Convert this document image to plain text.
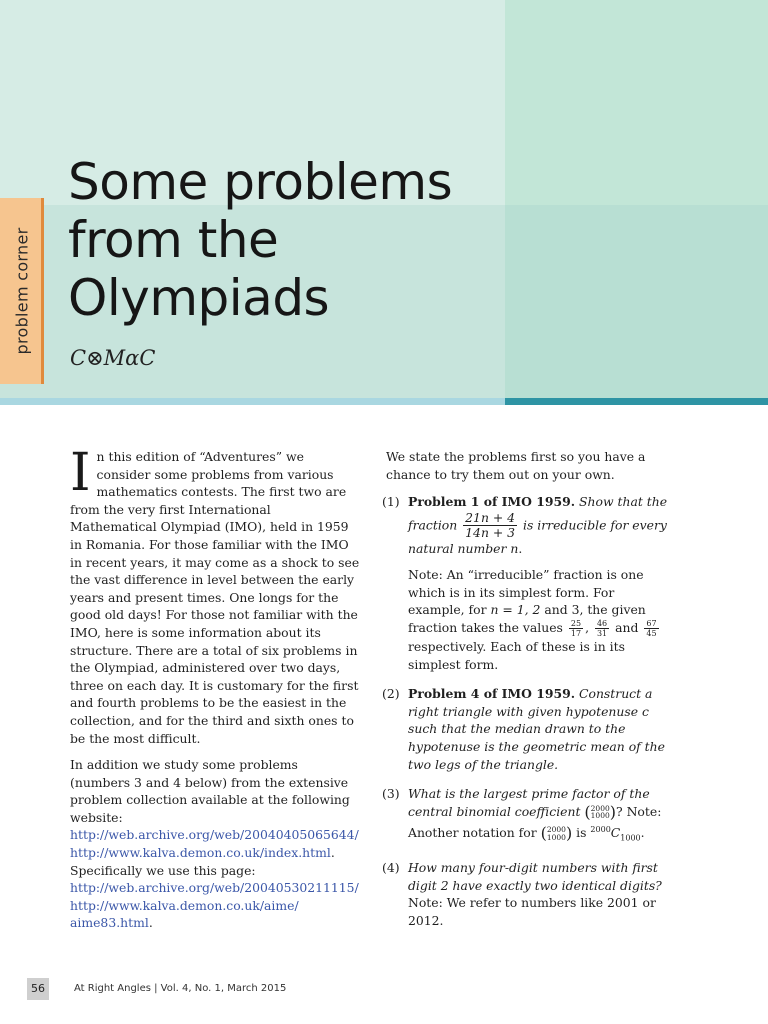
problem corner
Some problems
from the
Olympiads
C⊗MαC

In this edition of “Adventures” we consider some problems from various mathematics contests. The first two are from the very first International Mathematical Olympiad (IMO), held in 1959 in Romania. For those familiar with the IMO in recent years, it may come as a shock to see the vast difference in level between the early years and present times. One longs for the good old days! For those not familiar with the IMO, here is some information about its structure. There are a total of six problems in the Olympiad, administered over two days, three on each day. It is customary for the first and fourth problems to be the easiest in the collection, and for the third and sixth ones to be the most difficult.

In addition we study some problems (numbers 3 and 4 below) from the extensive problem collection available at the following website:
http://web.archive.org/web/20040405065644/
http://www.kalva.demon.co.uk/index.html.
Specifically we use this page:
http://web.archive.org/web/20040530211115/
http://www.kalva.demon.co.uk/aime/
aime83.html.

We state the problems first so you have a chance to try them out on your own.

(1) Problem 1 of IMO 1959. Show that the fraction $\frac{21n + 4}{14n + 3}$ is irreducible for every natural number n.

Note: An “irreducible” fraction is one which is in its simplest form. For example, for n = 1, 2 and 3, the given fraction takes the values $\frac{25}{17}$ , $\frac{46}{31}$ and $\frac{67}{45}$
respectively. Each of these is in its simplest form.

(2) Problem 4 of IMO 1959. Construct a right triangle with given hypotenuse c such that the median drawn to the hypotenuse is the geometric mean of the two legs of the triangle.
(3) What is the largest prime factor of the central binomial coefficient (2000
1000)? Note: Another notation for (2000
1000) is $^{2000}C_{1000}$.
(4) How many four-digit numbers with first digit 2 have exactly two identical digits? Note: We refer to numbers like 2001 or 2012.
56	At Right Angles | Vol. 4, No. 1, March 2015
